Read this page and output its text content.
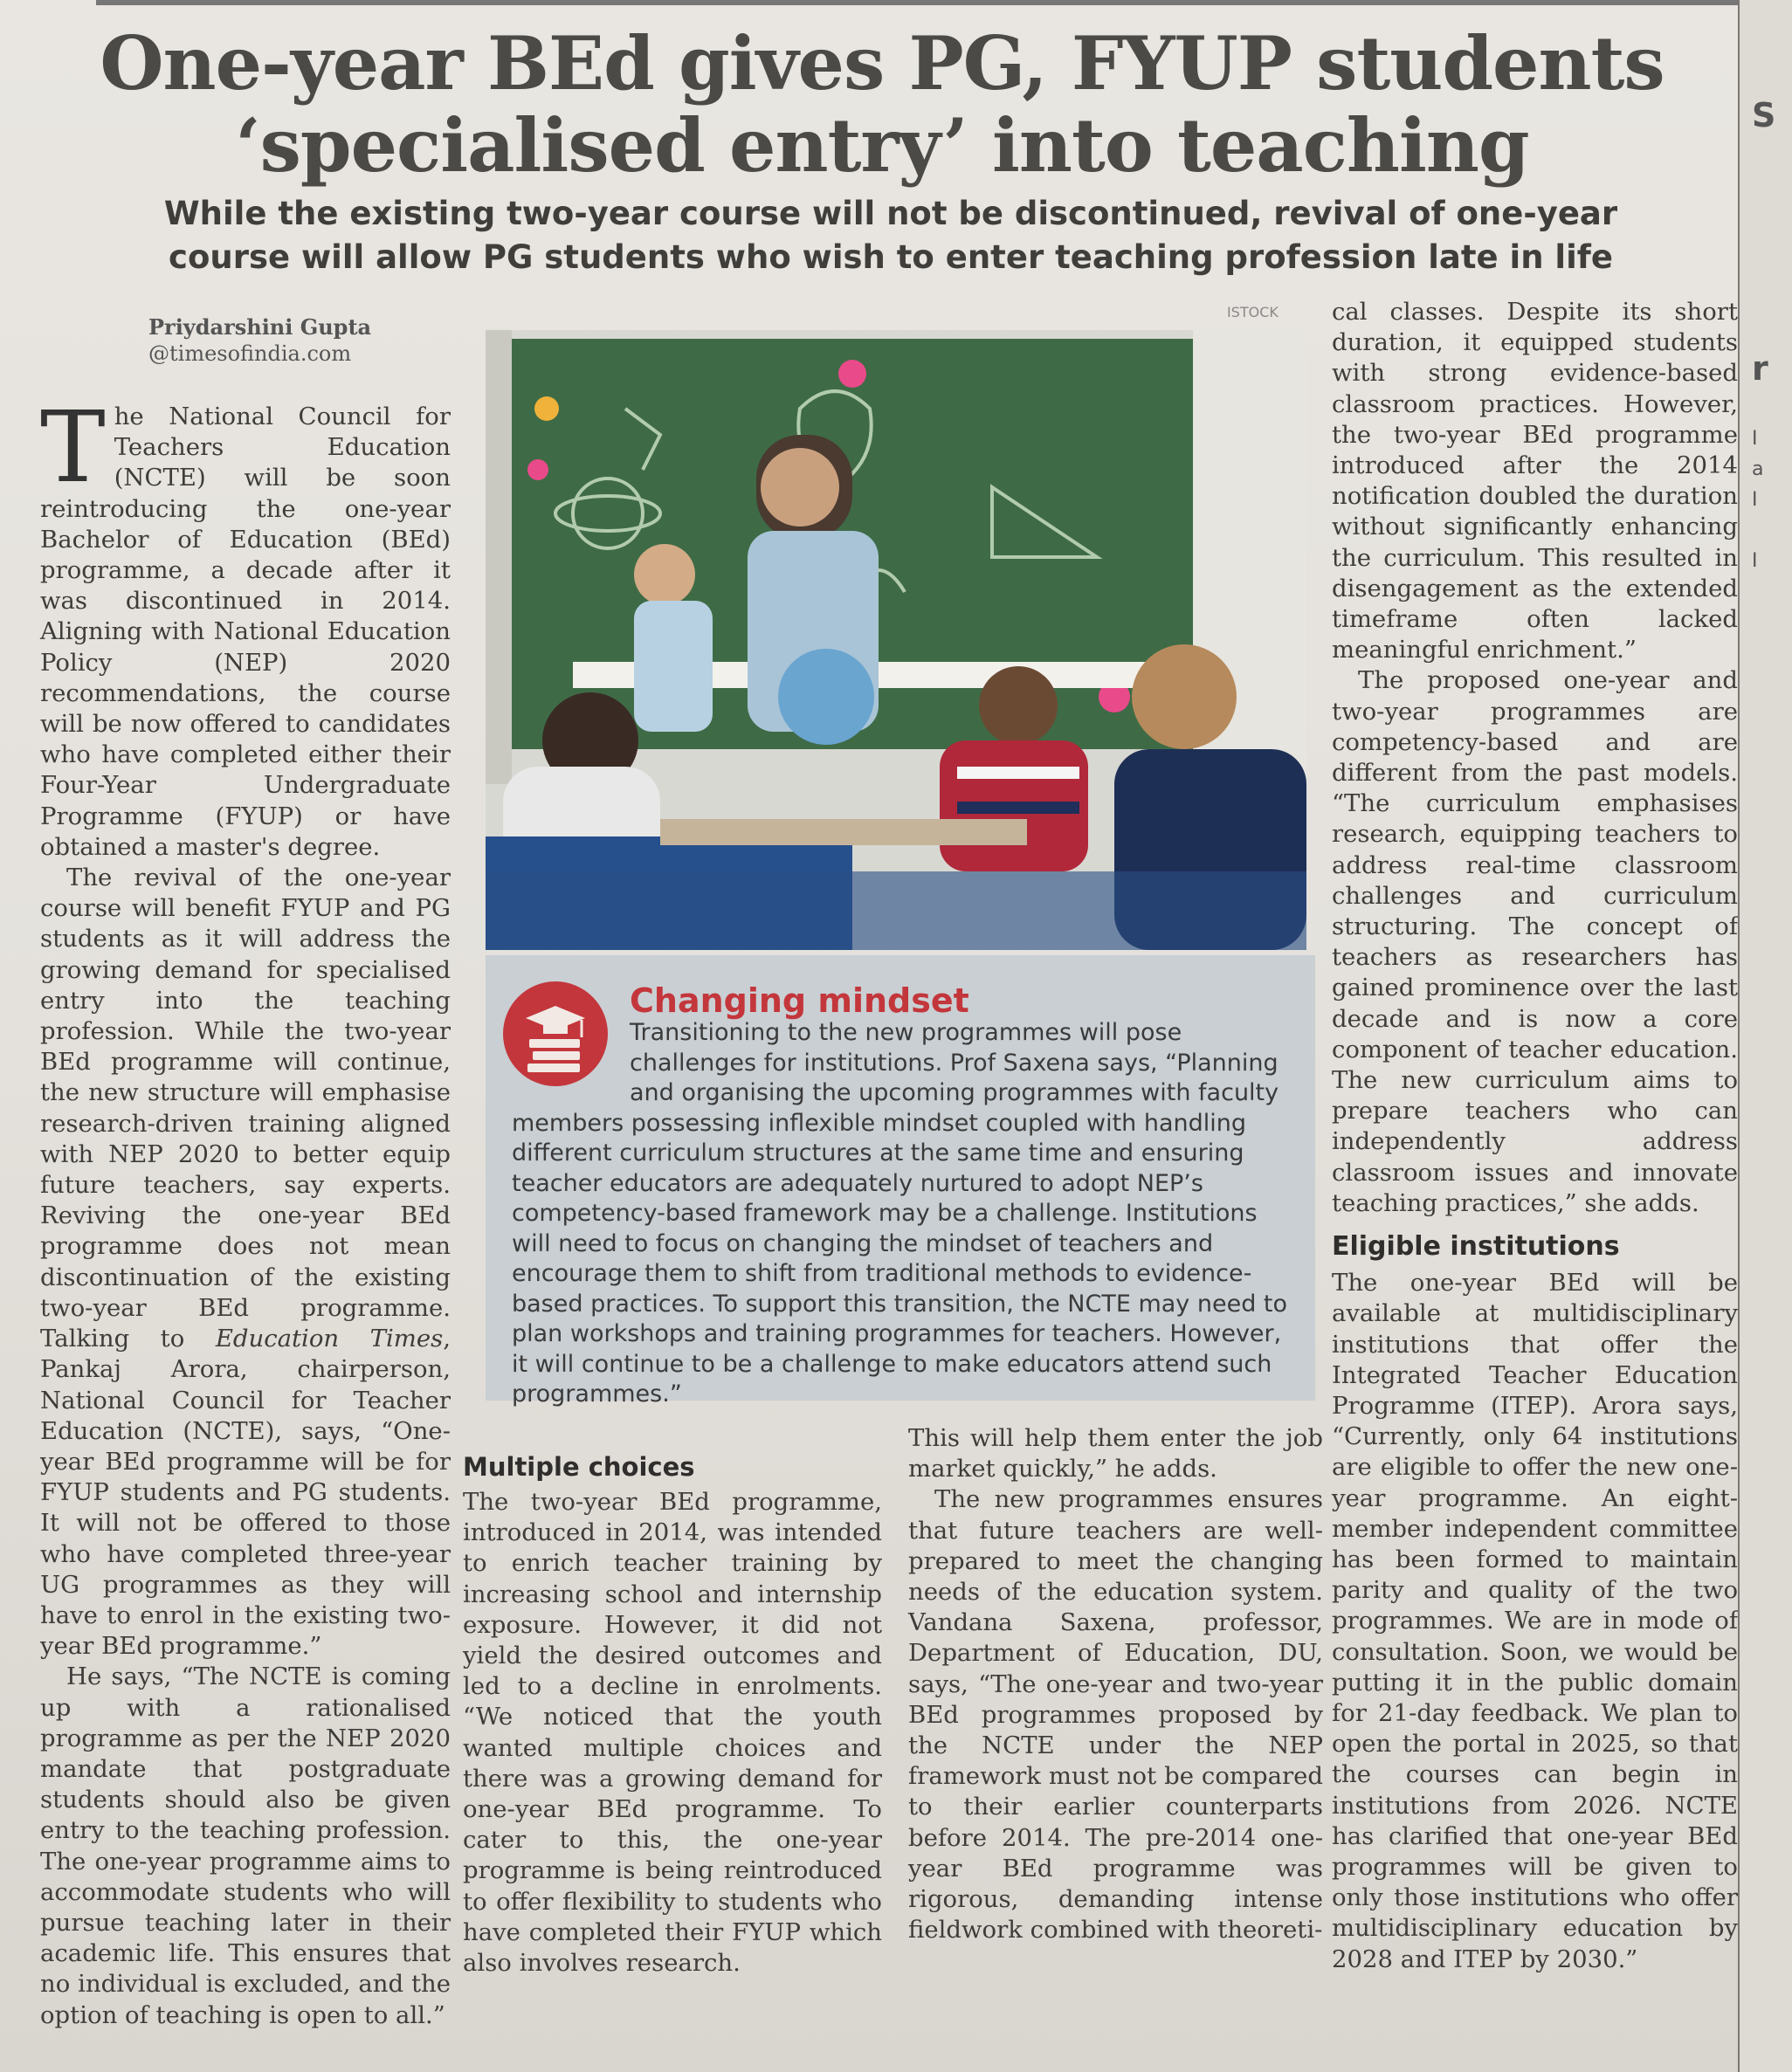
One-year BEd gives PG, FYUP students
‘specialised entry’ into teaching
While the existing two-year course will not be discontinued, revival of one-year
course will allow PG students who wish to enter teaching profession late in life
Priydarshini Gupta
@timesofindia.com

The National Council for Teachers Education (NCTE) will be soon reintroducing the one-year Bachelor of Education (BEd) programme, a decade after it was discontinued in 2014. Aligning with National Education Policy (NEP) 2020 recommendations, the course will be now offered to candidates who have completed either their Four-Year Undergraduate Programme (FYUP) or have obtained a master's degree.

The revival of the one-year course will benefit FYUP and PG students as it will address the growing demand for specialised entry into the teaching profession. While the two-year BEd programme will continue, the new structure will emphasise research-driven training aligned with NEP 2020 to better equip future teachers, say experts. Reviving the one-year BEd programme does not mean discontinuation of the existing two-year BEd programme. Talking to Education Times, Pankaj Arora, chairperson, National Council for Teacher Education (NCTE), says, “One-year BEd programme will be for FYUP students and PG students. It will not be offered to those who have completed three-year UG programmes as they will have to enrol in the existing two-year BEd programme.”

He says, “The NCTE is coming up with a rationalised programme as per the NEP 2020 mandate that postgraduate students should also be given entry to the teaching profession. The one-year programme aims to accommodate students who will pursue teaching later in their academic life. This ensures that no individual is excluded, and the option of teaching is open to all.”

ISTOCK
Changing mindset
Transitioning to the new programmes will pose challenges for institutions. Prof Saxena says, “Planning and organising the upcoming programmes with faculty members possessing inflexible mindset coupled with handling different curriculum structures at the same time and ensuring teacher educators are adequately nurtured to adopt NEP’s competency-based framework may be a challenge. Institutions will need to focus on changing the mindset of teachers and encourage them to shift from traditional methods to evidence-based practices. To support this transition, the NCTE may need to plan workshops and training programmes for teachers. However, it will continue to be a challenge to make educators attend such programmes.”
Multiple choices

The two-year BEd programme, introduced in 2014, was intended to enrich teacher training by increasing school and internship exposure. However, it did not yield the desired outcomes and led to a decline in enrolments. “We noticed that the youth wanted multiple choices and there was a growing demand for one-year BEd programme. To cater to this, the one-year programme is being reintroduced to offer flexibility to students who have completed their FYUP which also involves research.

This will help them enter the job market quickly,” he adds.

The new programmes ensures that future teachers are well-prepared to meet the changing needs of the education system. Vandana Saxena, professor, Department of Education, DU, says, “The one-year and two-year BEd programmes proposed by the NCTE under the NEP framework must not be compared to their earlier counterparts before 2014. The pre-2014 one-year BEd programme was rigorous, demanding intense fieldwork combined with theoreti-

cal classes. Despite its short duration, it equipped students with strong evidence-based classroom practices. However, the two-year BEd programme introduced after the 2014 notification doubled the duration without significantly enhancing the curriculum. This resulted in disengagement as the extended timeframe often lacked meaningful enrichment.”

The proposed one-year and two-year programmes are competency-based and are different from the past models. “The curriculum emphasises research, equipping teachers to address real-time classroom challenges and curriculum structuring. The concept of teachers as researchers has gained prominence over the last decade and is now a core component of teacher education. The new curriculum aims to prepare teachers who can independently address classroom issues and innovate teaching practices,” she adds.

Eligible institutions

The one-year BEd will be available at multidisciplinary institutions that offer the Integrated Teacher Education Programme (ITEP). Arora says, “Currently, only 64 institutions are eligible to offer the new one-year programme. An eight-member independent committee has been formed to maintain parity and quality of the two programmes. We are in mode of consultation. Soon, we would be putting it in the public domain for 21-day feedback. We plan to open the portal in 2025, so that the courses can begin in institutions from 2026. NCTE has clarified that one-year BEd programmes will be given to only those institutions who offer multidisciplinary education by 2028 and ITEP by 2030.”

S
r
I
a
I
I
